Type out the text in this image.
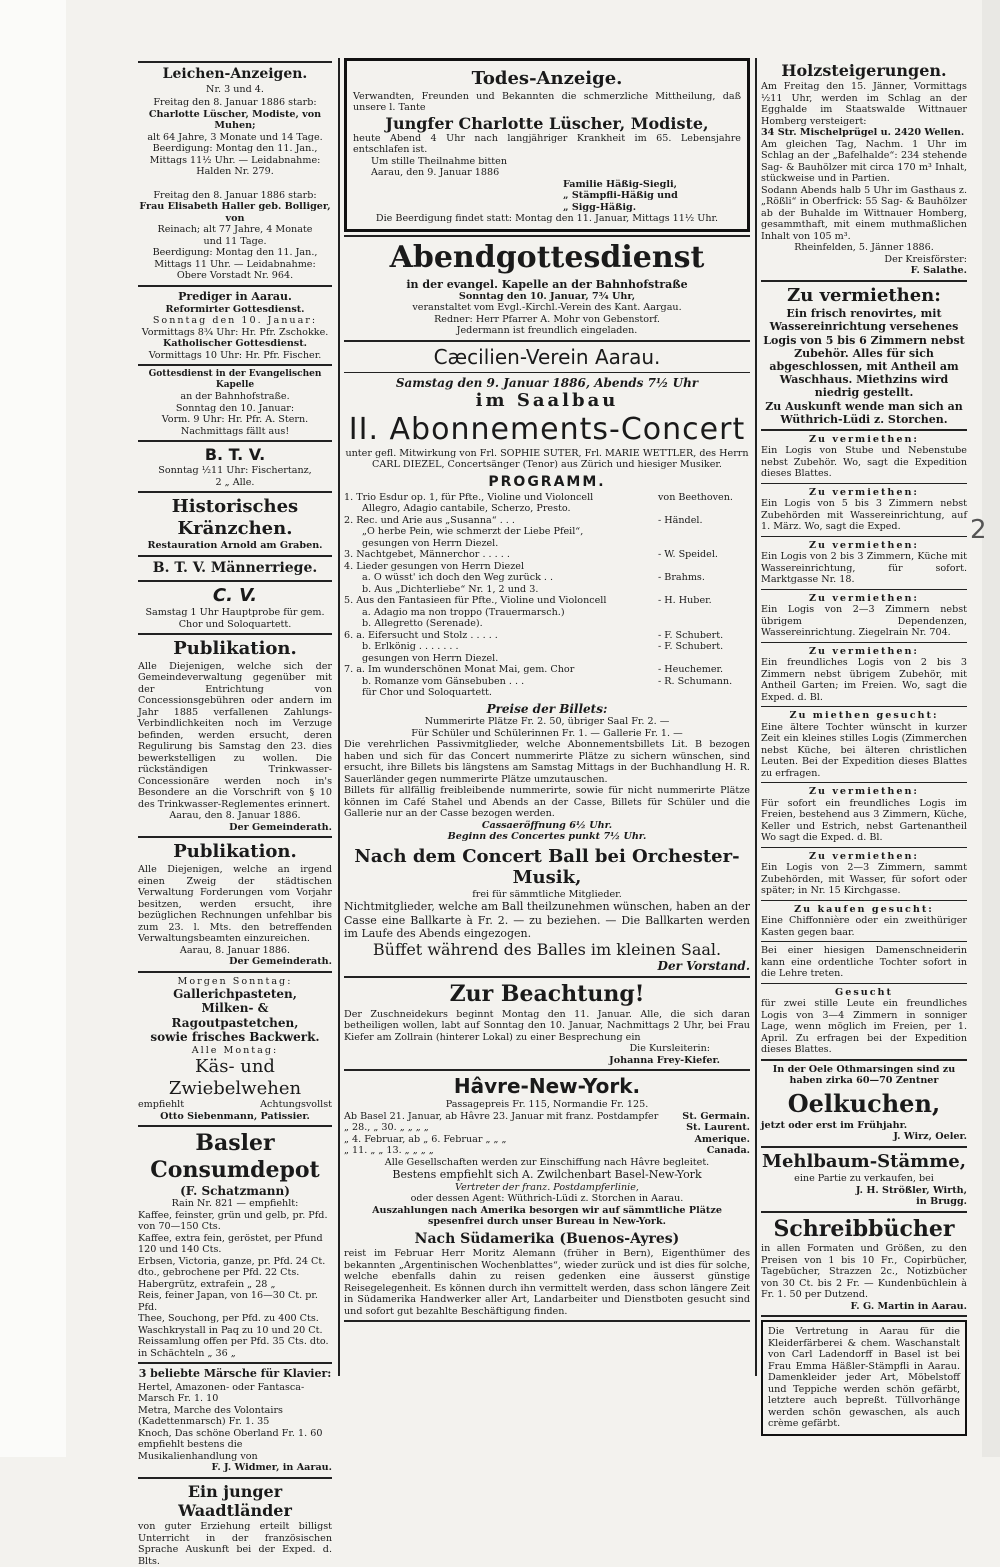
Leichen-Anzeigen.
Nr. 3 und 4.
Freitag den 8. Januar 1886 starb:
Charlotte Lüscher, Modiste, von Muhen;
alt 64 Jahre, 3 Monate und 14 Tage.
Beerdigung: Montag den 11. Jan.,
Mittags 11½ Uhr. — Leidabnahme:
Halden Nr. 279.
Freitag den 8. Januar 1886 starb:
Frau Elisabeth Haller geb. Bolliger, von
Reinach; alt 77 Jahre, 4 Monate
und 11 Tage.
Beerdigung: Montag den 11. Jan.,
Mittags 11 Uhr. — Leidabnahme:
Obere Vorstadt Nr. 964.
Prediger in Aarau.
Reformirter Gottesdienst.
Sonntag den 10. Januar:
Vormittags 8¾ Uhr: Hr. Pfr. Zschokke.
Katholischer Gottesdienst.
Vormittags 10 Uhr: Hr. Pfr. Fischer.
Gottesdienst in der Evangelischen Kapelle
an der Bahnhofstraße.
Sonntag den 10. Januar:
Vorm. 9 Uhr: Hr. Pfr. A. Stern.
Nachmittags fällt aus!
B. T. V.
Sonntag ½11 Uhr: Fischertanz,
2 „ Alle.
Historisches Kränzchen.
Restauration Arnold am Graben.
B. T. V. Männerriege.
C. V.
Samstag 1 Uhr Hauptprobe für gem.
Chor und Soloquartett.
Publikation.
Alle Diejenigen, welche sich der Gemeindeverwaltung gegenüber mit der Entrichtung von Concessionsgebühren oder andern im Jahr 1885 verfallenen Zahlungs-Verbindlichkeiten noch im Verzuge befinden, werden ersucht, deren Regulirung bis Samstag den 23. dies bewerkstelligen zu wollen. Die rückständigen Trinkwasser-Concessionäre werden noch in's Besondere an die Vorschrift von § 10 des Trinkwasser-Reglementes erinnert.
Aarau, den 8. Januar 1886.
Der Gemeinderath.
Publikation.
Alle Diejenigen, welche an irgend einen Zweig der städtischen Verwaltung Forderungen vom Vorjahr besitzen, werden ersucht, ihre bezüglichen Rechnungen unfehlbar bis zum 23. l. Mts. den betreffenden Verwaltungsbeamten einzureichen.
Aarau, 8. Januar 1886.
Der Gemeinderath.
Morgen Sonntag:
Gallerichpasteten,
Milken- & Ragoutpastetchen,
sowie frisches Backwerk.
Alle Montag:
Käs- und Zwiebelwehen
empfiehlt	Achtungsvollst
Otto Siebenmann, Patissier.
Basler Consumdepot
(F. Schatzmann)
Rain Nr. 821 — empfiehlt:
Kaffee, feinster, grün und gelb, pr. Pfd. von 70—150 Cts.
Kaffee, extra fein, geröstet, per Pfund 120 und 140 Cts.
Erbsen, Victoria, ganze, pr. Pfd. 24 Ct. dto., gebrochene per Pfd. 22 Cts.
Habergrütz, extrafein „ 28 „
Reis, feiner Japan, von 16—30 Ct. pr. Pfd.
Thee, Souchong, per Pfd. zu 400 Cts.
Waschkrystall in Paq zu 10 und 20 Ct.
Reissamlung offen per Pfd. 35 Cts. dto. in Schächteln „ 36 „
3 beliebte Märsche für Klavier:
Hertel, Amazonen- oder Fantasca-Marsch Fr. 1. 10
Metra, Marche des Volontairs (Kadettenmarsch) Fr. 1. 35
Knoch, Das schöne Oberland Fr. 1. 60
empfiehlt bestens die Musikalienhandlung von
F. J. Widmer, in Aarau.
Ein junger Waadtländer
von guter Erziehung erteilt billigst Unterricht in der französischen Sprache Auskunft bei der Exped. d. Blts.
Todes-Anzeige.
Verwandten, Freunden und Bekannten die schmerzliche Mittheilung, daß unsere l. Tante
Jungfer Charlotte Lüscher, Modiste,
heute Abend 4 Uhr nach langjähriger Krankheit im 65. Lebensjahre entschlafen ist.
Um stille Theilnahme bitten
Aarau, den 9. Januar 1886
Familie Häßig-Siegli,
„ Stämpfli-Häßig und
„ Sigg-Häßig.
Die Beerdigung findet statt: Montag den 11. Januar, Mittags 11½ Uhr.
Abendgottesdienst
in der evangel. Kapelle an der Bahnhofstraße
Sonntag den 10. Januar, 7¾ Uhr,
veranstaltet vom Evgl.-Kirchl.-Verein des Kant. Aargau.
Redner: Herr Pfarrer A. Mohr von Gebenstorf.
Jedermann ist freundlich eingeladen.
Cæcilien-Verein Aarau.
Samstag den 9. Januar 1886, Abends 7½ Uhr
im Saalbau
II. Abonnements-Concert
unter gefl. Mitwirkung von Frl. SOPHIE SUTER, Frl. MARIE WETTLER, des Herrn CARL DIEZEL, Concertsänger (Tenor) aus Zürich und hiesiger Musiker.
PROGRAMM.
1. Trio Esdur op. 1, für Pfte., Violine und Violoncell	von Beethoven.
Allegro, Adagio cantabile, Scherzo, Presto.
2. Rec. und Arie aus „Susanna“ . . .	- Händel.
„O herbe Pein, wie schmerzt der Liebe Pfeil“,
gesungen von Herrn Diezel.
3. Nachtgebet, Männerchor . . . . .	- W. Speidel.
4. Lieder gesungen von Herrn Diezel
a. O wüsst' ich doch den Weg zurück . .	- Brahms.
b. Aus „Dichterliebe“ Nr. 1, 2 und 3.
5. Aus den Fantasieen für Pfte., Violine und Violoncell	- H. Huber.
a. Adagio ma non troppo (Trauermarsch.)
b. Allegretto (Serenade).
6. a. Eifersucht und Stolz . . . . .	- F. Schubert.
b. Erlkönig . . . . . . .	- F. Schubert.
gesungen von Herrn Diezel.
7. a. Im wunderschönen Monat Mai, gem. Chor	- Heuchemer.
b. Romanze vom Gänsebuben . . .	- R. Schumann.
für Chor und Soloquartett.
Preise der Billets:
Nummerirte Plätze Fr. 2. 50, übriger Saal Fr. 2. —
Für Schüler und Schülerinnen Fr. 1. — Gallerie Fr. 1. —
Die verehrlichen Passivmitglieder, welche Abonnementsbillets Lit. B bezogen haben und sich für das Concert nummerirte Plätze zu sichern wünschen, sind ersucht, ihre Billets bis längstens am Samstag Mittags in der Buchhandlung H. R. Sauerländer gegen nummerirte Plätze umzutauschen.
Billets für allfällig freibleibende nummerirte, sowie für nicht nummerirte Plätze können im Café Stahel und Abends an der Casse, Billets für Schüler und die Gallerie nur an der Casse bezogen werden.
Cassaeröffnung 6½ Uhr.
Beginn des Concertes punkt 7½ Uhr.
Nach dem Concert Ball bei Orchester-Musik,
frei für sämmtliche Mitglieder.
Nichtmitglieder, welche am Ball theilzunehmen wünschen, haben an der Casse eine Ballkarte à Fr. 2. — zu beziehen. — Die Ballkarten werden im Laufe des Abends eingezogen.
Büffet während des Balles im kleinen Saal.
Der Vorstand.
Zur Beachtung!
Der Zuschneidekurs beginnt Montag den 11. Januar. Alle, die sich daran betheiligen wollen, labt auf Sonntag den 10. Januar, Nachmittags 2 Uhr, bei Frau Kiefer am Zollrain (hinterer Lokal) zu einer Besprechung ein
Die Kursleiterin:
Johanna Frey-Kiefer.
Hâvre-New-York.
Passagepreis Fr. 115, Normandie Fr. 125.
Ab Basel 21. Januar, ab Hâvre 23. Januar mit franz. Postdampfer St. Germain.
„ 28., „ 30. „ „ „ „	St. Laurent.
„ 4. Februar, ab „ 6. Februar „ „ „	Amerique.
„ 11. „ „ 13. „ „ „ „	Canada.
Alle Gesellschaften werden zur Einschiffung nach Hâvre begleitet.
Bestens empfiehlt sich A. Zwilchenbart Basel-New-York
Vertreter der franz. Postdampferlinie,
oder dessen Agent: Wüthrich-Lüdi z. Storchen in Aarau.
Auszahlungen nach Amerika besorgen wir auf sämmtliche Plätze spesenfrei durch unser Bureau in New-York.
Nach Südamerika (Buenos-Ayres)
reist im Februar Herr Moritz Alemann (früher in Bern), Eigenthümer des bekannten „Argentinischen Wochenblattes“, wieder zurück und ist dies für solche, welche ebenfalls dahin zu reisen gedenken eine äusserst günstige Reisegelegenheit. Es können durch ihn vermittelt werden, dass schon längere Zeit in Südamerika Handwerker aller Art, Landarbeiter und Dienstboten gesucht sind und sofort gut bezahlte Beschäftigung finden.
Holzsteigerungen.
Am Freitag den 15. Jänner, Vormittags ½11 Uhr, werden im Schlag an der Egghalde im Staatswalde Wittnauer Homberg versteigert:
34 Str. Mischelprügel u. 2420 Wellen.
Am gleichen Tag, Nachm. 1 Uhr im Schlag an der „Bafelhalde“: 234 stehende Sag- & Bauhölzer mit circa 170 m³ Inhalt, stückweise und in Partien.
Sodann Abends halb 5 Uhr im Gasthaus z. „Rößli“ in Oberfrick: 55 Sag- & Bauhölzer ab der Buhalde im Wittnauer Homberg, gesammthaft, mit einem muthmaßlichen Inhalt von 105 m³.
Rheinfelden, 5. Jänner 1886.
Der Kreisförster:
F. Salathe.
Zu vermiethen:
Ein frisch renovirtes, mit Wassereinrichtung versehenes Logis von 5 bis 6 Zimmern nebst Zubehör. Alles für sich abgeschlossen, mit Antheil am Waschhaus. Miethzins wird niedrig gestellt.
Zu Auskunft wende man sich an
Wüthrich-Lüdi z. Storchen.
Zu vermiethen:
Ein Logis von Stube und Nebenstube nebst Zubehör. Wo, sagt die Expedition dieses Blattes.
Zu vermiethen:
Ein Logis von 5 bis 3 Zimmern nebst Zubehörden mit Wassereinrichtung, auf 1. März. Wo, sagt die Exped.
Zu vermiethen:
Ein Logis von 2 bis 3 Zimmern, Küche mit Wassereinrichtung, für sofort. Marktgasse Nr. 18.
Zu vermiethen:
Ein Logis von 2—3 Zimmern nebst übrigem Dependenzen, Wassereinrichtung. Ziegelrain Nr. 704.
Zu vermiethen:
Ein freundliches Logis von 2 bis 3 Zimmern nebst übrigem Zubehör, mit Antheil Garten; im Freien. Wo, sagt die Exped. d. Bl.
Zu miethen gesucht:
Eine ältere Tochter wünscht in kurzer Zeit ein kleines stilles Logis (Zimmerchen nebst Küche, bei älteren christlichen Leuten. Bei der Expedition dieses Blattes zu erfragen.
Zu vermiethen:
Für sofort ein freundliches Logis im Freien, bestehend aus 3 Zimmern, Küche, Keller und Estrich, nebst Gartenantheil Wo sagt die Exped. d. Bl.
Zu vermiethen:
Ein Logis von 2—3 Zimmern, sammt Zubehörden, mit Wasser, für sofort oder später; in Nr. 15 Kirchgasse.
Zu kaufen gesucht:
Eine Chiffonnière oder ein zweithüriger Kasten gegen baar.
Bei einer hiesigen Damenschneiderin kann eine ordentliche Tochter sofort in die Lehre treten.
Gesucht
für zwei stille Leute ein freundliches Logis von 3—4 Zimmern in sonniger Lage, wenn möglich im Freien, per 1. April. Zu erfragen bei der Expedition dieses Blattes.
In der Oele Othmarsingen sind zu haben zirka 60—70 Zentner
Oelkuchen,
jetzt oder erst im Frühjahr.
J. Wirz, Oeler.
Mehlbaum-Stämme,
eine Partie zu verkaufen, bei
J. H. Strößler, Wirth,
in Brugg.
Schreibbücher
in allen Formaten und Größen, zu den Preisen von 1 bis 10 Fr., Copirbücher, Tagebücher, Strazzen 2c., Notizbücher von 30 Ct. bis 2 Fr. — Kundenbüchlein à Fr. 1. 50 per Dutzend.
F. G. Martin in Aarau.
Die Vertretung in Aarau für die Kleiderfärberei & chem. Waschanstalt von Carl Ladendorff in Basel ist bei Frau Emma Häßler-Stämpfli in Aarau. Damenkleider jeder Art, Möbelstoff und Teppiche werden schön gefärbt, letztere auch bepreßt. Tüllvorhänge werden schön gewaschen, als auch crème gefärbt.
2
